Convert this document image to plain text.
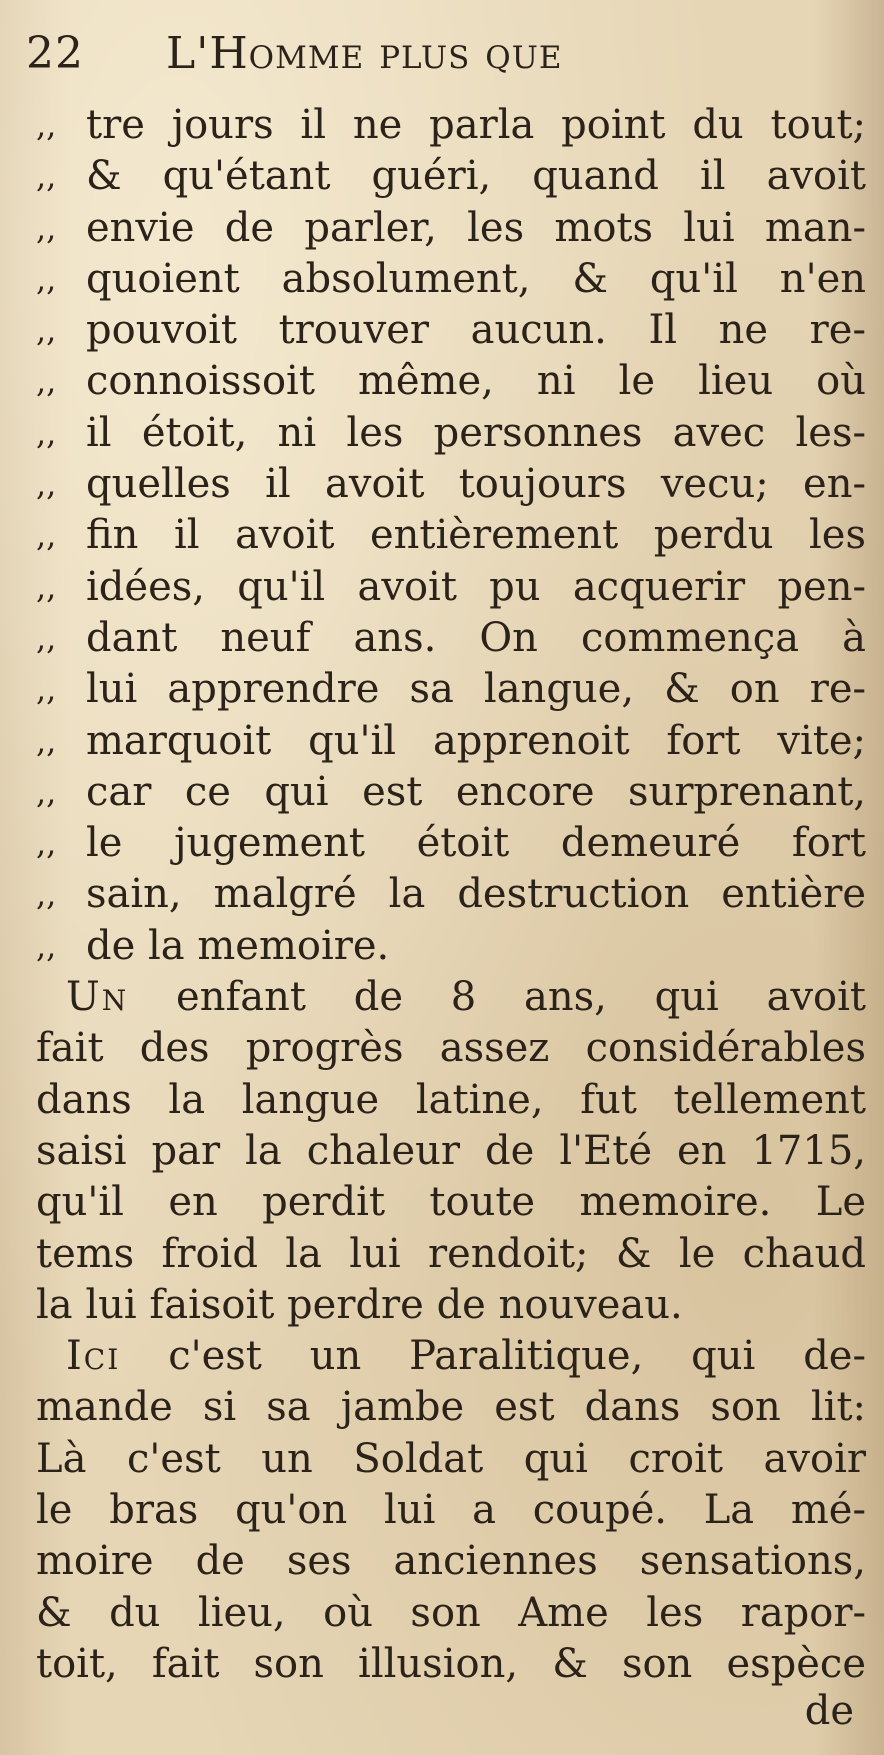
22 L'Homme plus que
,, tre jours il ne parla point du tout;
,, & qu'étant guéri, quand il avoit
,, envie de parler, les mots lui man-
,, quoient absolument, & qu'il n'en
,, pouvoit trouver aucun. Il ne re-
,, connoissoit même, ni le lieu où
,, il étoit, ni les personnes avec les-
,, quelles il avoit toujours vecu; en-
,, fin il avoit entièrement perdu les
,, idées, qu'il avoit pu acquerir pen-
,, dant neuf ans. On commença à
,, lui apprendre sa langue, & on re-
,, marquoit qu'il apprenoit fort vite;
,, car ce qui est encore surprenant,
,, le jugement étoit demeuré fort
,, sain, malgré la destruction entière
,, de la memoire.
Un enfant de 8 ans, qui avoit
fait des progrès assez considérables
dans la langue latine, fut tellement
saisi par la chaleur de l'Eté en 1715,
qu'il en perdit toute memoire. Le
tems froid la lui rendoit; & le chaud
la lui faisoit perdre de nouveau.
Ici c'est un Paralitique, qui de-
mande si sa jambe est dans son lit:
Là c'est un Soldat qui croit avoir
le bras qu'on lui a coupé. La mé-
moire de ses anciennes sensations,
& du lieu, où son Ame les rapor-
toit, fait son illusion, & son espèce
de
